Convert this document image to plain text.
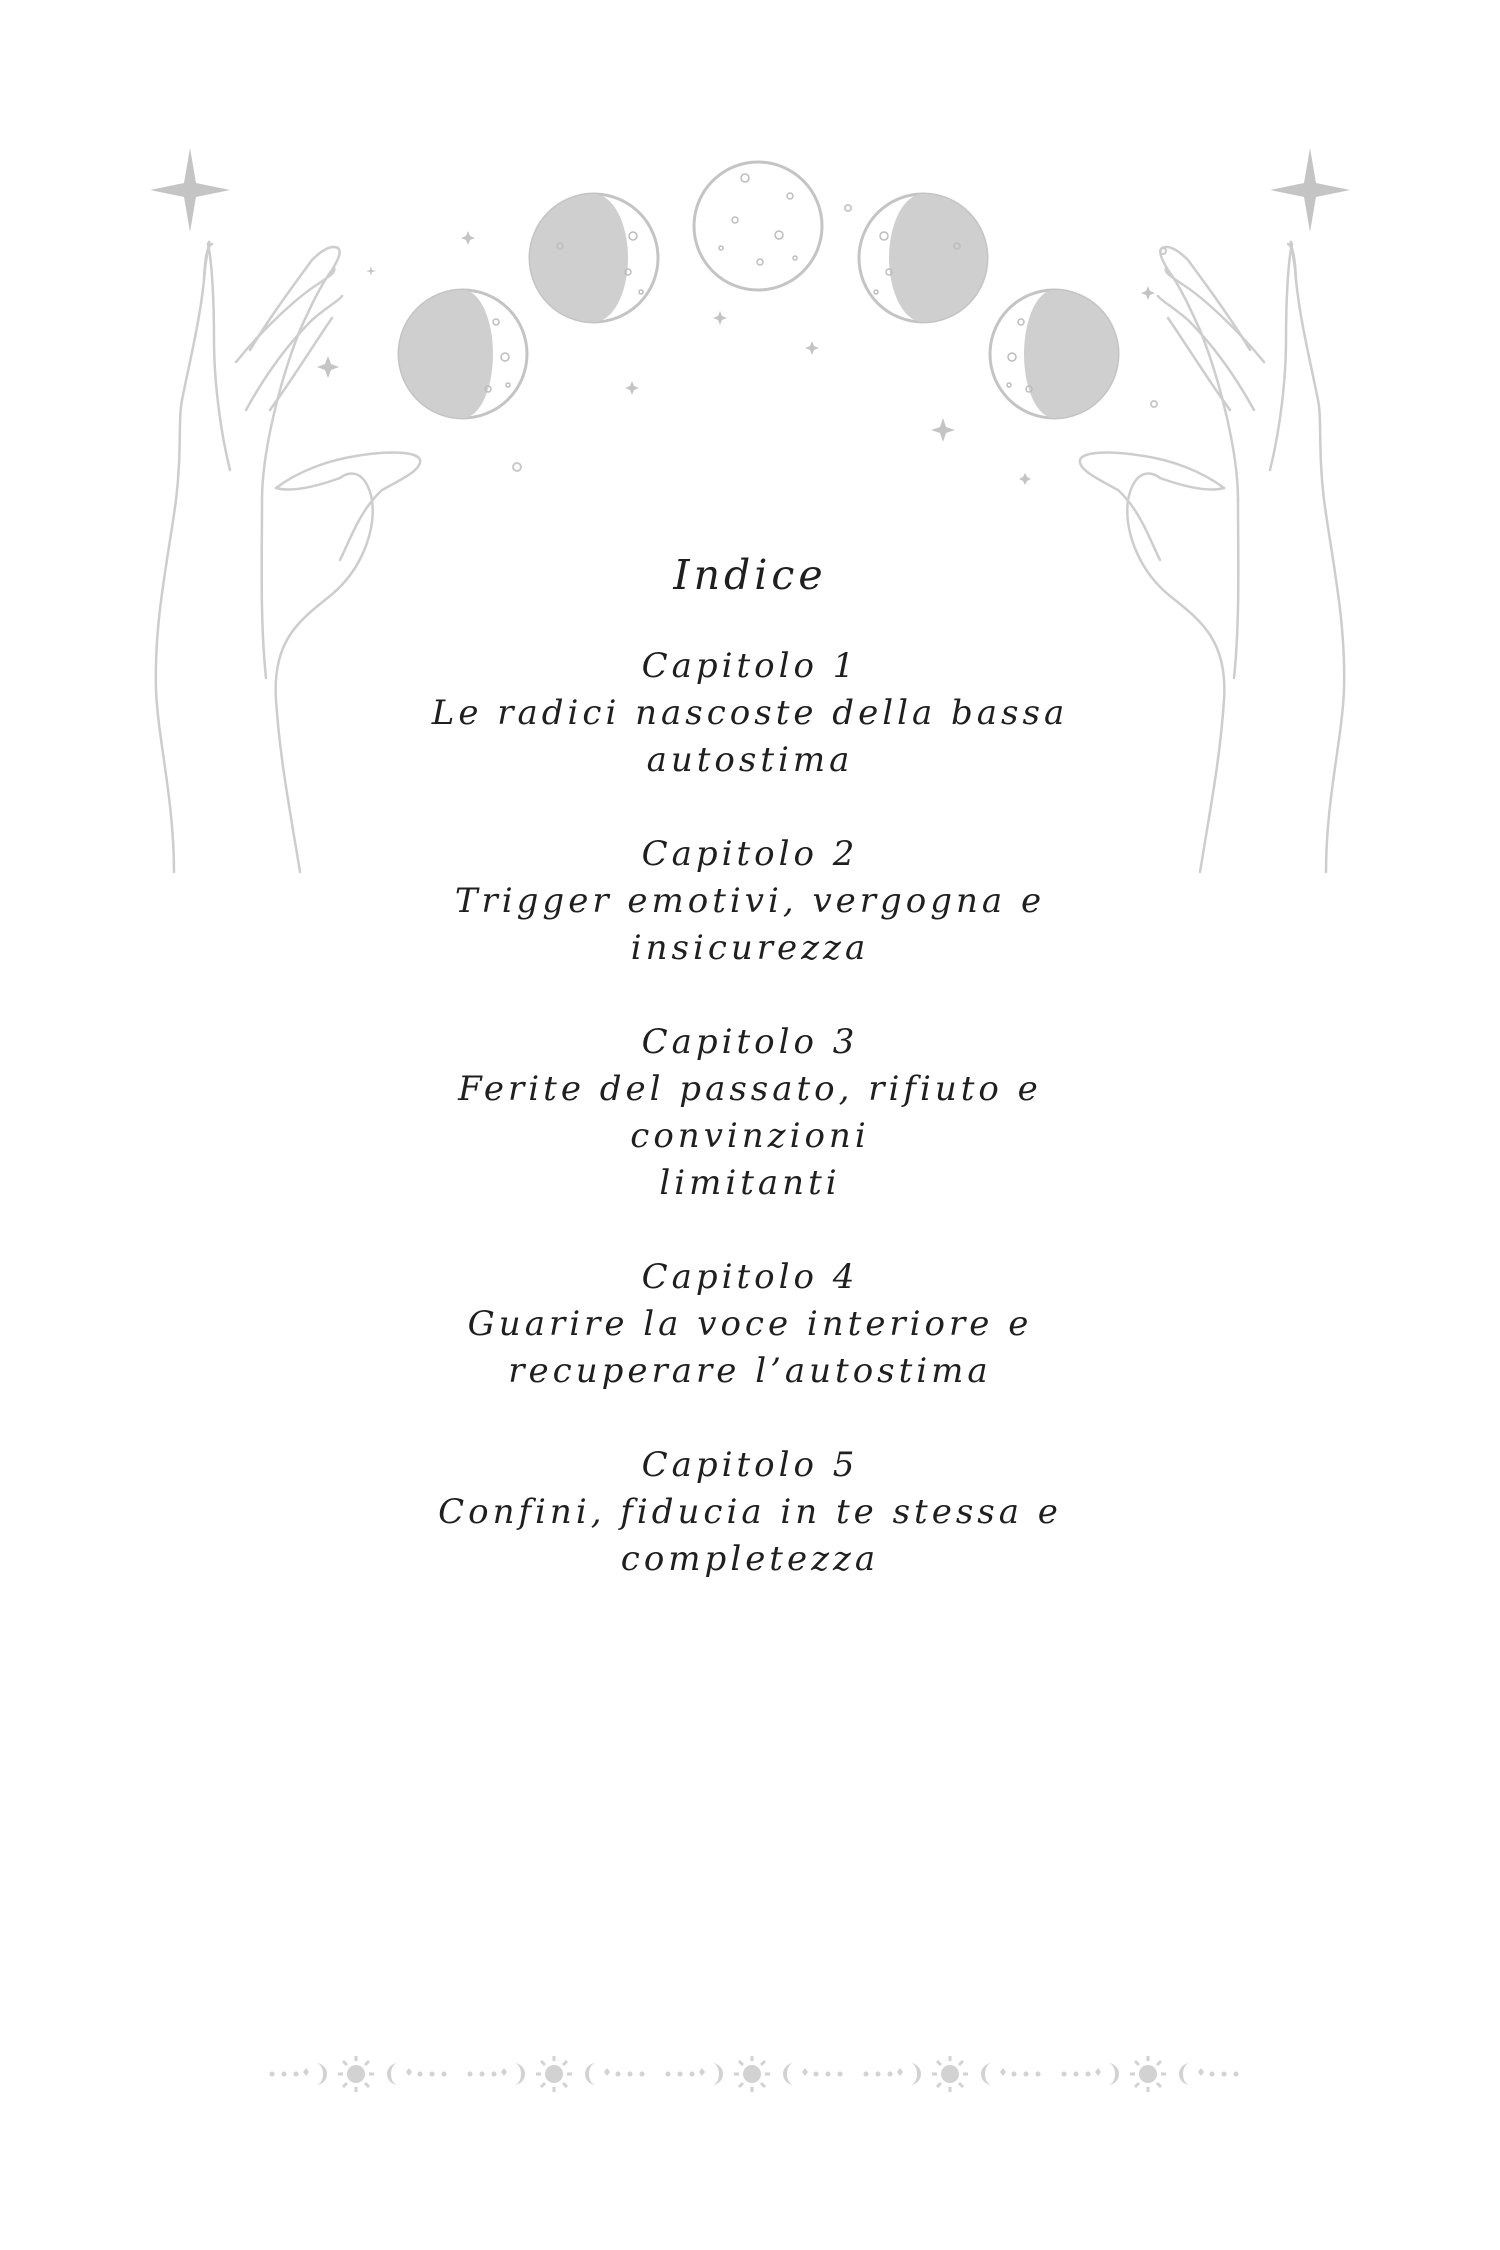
Indice
Capitolo 1
Le radici nascoste della bassa
autostima
Capitolo 2
Trigger emotivi, vergogna e
insicurezza
Capitolo 3
Ferite del passato, rifiuto e
convinzioni
limitanti
Capitolo 4
Guarire la voce interiore e
recuperare l’autostima
Capitolo 5
Confini, fiducia in te stessa e
completezza
